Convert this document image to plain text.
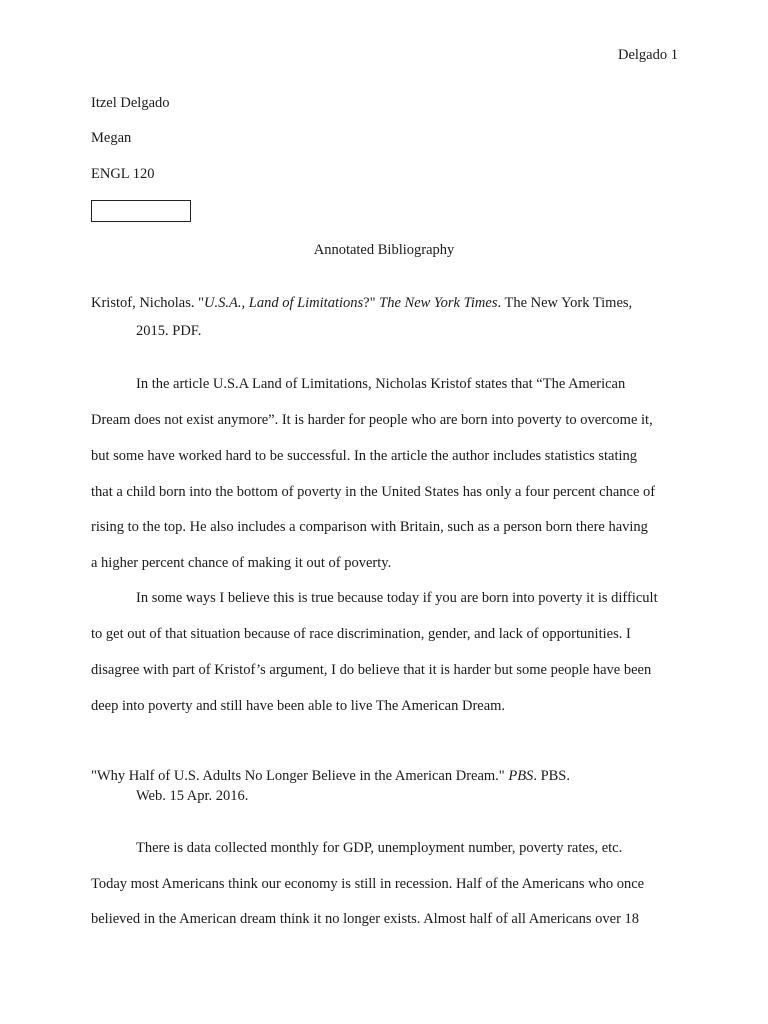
Delgado 1
Itzel Delgado
Megan
ENGL 120
Annotated Bibliography
Kristof, Nicholas. "U.S.A., Land of Limitations?" The New York Times. The New York Times,
2015. PDF.
In the article U.S.A Land of Limitations, Nicholas Kristof states that “The American
Dream does not exist anymore”. It is harder for people who are born into poverty to overcome it,
but some have worked hard to be successful. In the article the author includes statistics stating
that a child born into the bottom of poverty in the United States has only a four percent chance of
rising to the top. He also includes a comparison with Britain, such as a person born there having
a higher percent chance of making it out of poverty.
In some ways I believe this is true because today if you are born into poverty it is difficult
to get out of that situation because of race discrimination, gender, and lack of opportunities. I
disagree with part of Kristof’s argument, I do believe that it is harder but some people have been
deep into poverty and still have been able to live The American Dream.
"Why Half of U.S. Adults No Longer Believe in the American Dream." PBS. PBS.
Web. 15 Apr. 2016.
There is data collected monthly for GDP, unemployment number, poverty rates, etc.
Today most Americans think our economy is still in recession. Half of the Americans who once
believed in the American dream think it no longer exists. Almost half of all Americans over 18
